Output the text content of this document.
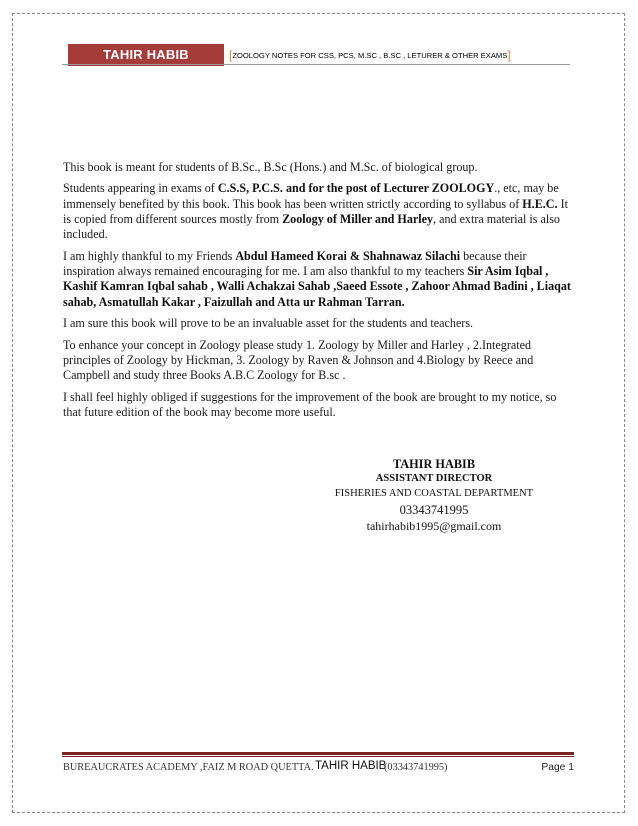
TAHIR HABIB	[ZOOLOGY NOTES FOR CSS, PCS, M.SC , B.SC , LETURER & OTHER EXAMS]

This book is meant for students of B.Sc., B.Sc (Hons.) and M.Sc. of biological group.

Students appearing in exams of C.S.S, P.C.S. and for the post of Lecturer ZOOLOGY., etc, may be immensely benefited by this book. This book has been written strictly according to syllabus of H.E.C. It is copied from different sources mostly from Zoology of Miller and Harley, and extra material is also included.

I am highly thankful to my Friends Abdul Hameed Korai & Shahnawaz Silachi because their inspiration always remained encouraging for me. I am also thankful to my teachers Sir Asim Iqbal , Kashif Kamran Iqbal sahab , Walli Achakzai Sahab ,Saeed Essote , Zahoor Ahmad Badini , Liaqat sahab, Asmatullah Kakar , Faizullah and Atta ur Rahman Tarran.

I am sure this book will prove to be an invaluable asset for the students and teachers.

To enhance your concept in Zoology please study 1. Zoology by Miller and Harley , 2.Integrated principles of Zoology by Hickman, 3. Zoology by Raven & Johnson and 4.Biology by Reece and Campbell and study three Books A.B.C Zoology for B.sc .

I shall feel highly obliged if suggestions for the improvement of the book are brought to my notice, so that future edition of the book may become more useful.

TAHIR HABIB
ASSISTANT DIRECTOR
FISHERIES AND COASTAL DEPARTMENT
03343741995
tahirhabib1995@gmail.com
BUREAUCRATES ACADEMY ,FAIZ M ROAD QUETTA. TAHIR HABIB
(03343741995)	Page 1
